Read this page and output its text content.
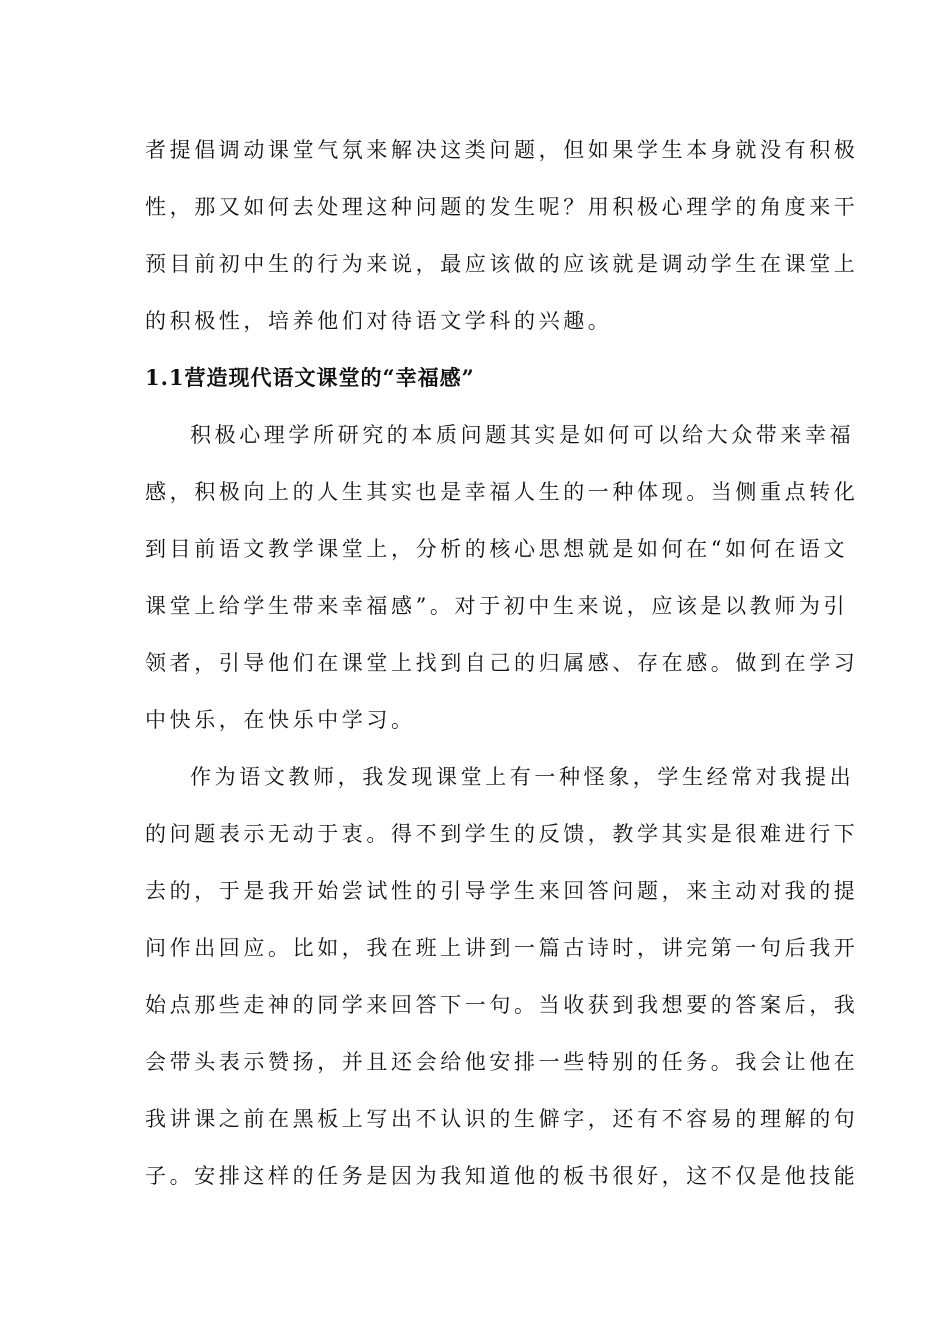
者提倡调动课堂气氛来解决这类问题，但如果学生本身就没有积极
性，那又如何去处理这种问题的发生呢？用积极心理学的角度来干
预目前初中生的行为来说，最应该做的应该就是调动学生在课堂上
的积极性，培养他们对待语文学科的兴趣。
1.1营造现代语文课堂的“幸福感”
积极心理学所研究的本质问题其实是如何可以给大众带来幸福
感，积极向上的人生其实也是幸福人生的一种体现。当侧重点转化
到目前语文教学课堂上，分析的核心思想就是如何在“如何在语文
课堂上给学生带来幸福感”。对于初中生来说，应该是以教师为引
领者，引导他们在课堂上找到自己的归属感、存在感。做到在学习
中快乐，在快乐中学习。
作为语文教师，我发现课堂上有一种怪象，学生经常对我提出
的问题表示无动于衷。得不到学生的反馈，教学其实是很难进行下
去的，于是我开始尝试性的引导学生来回答问题，来主动对我的提
问作出回应。比如，我在班上讲到一篇古诗时，讲完第一句后我开
始点那些走神的同学来回答下一句。当收获到我想要的答案后，我
会带头表示赞扬，并且还会给他安排一些特别的任务。我会让他在
我讲课之前在黑板上写出不认识的生僻字，还有不容易的理解的句
子。安排这样的任务是因为我知道他的板书很好，这不仅是他技能
